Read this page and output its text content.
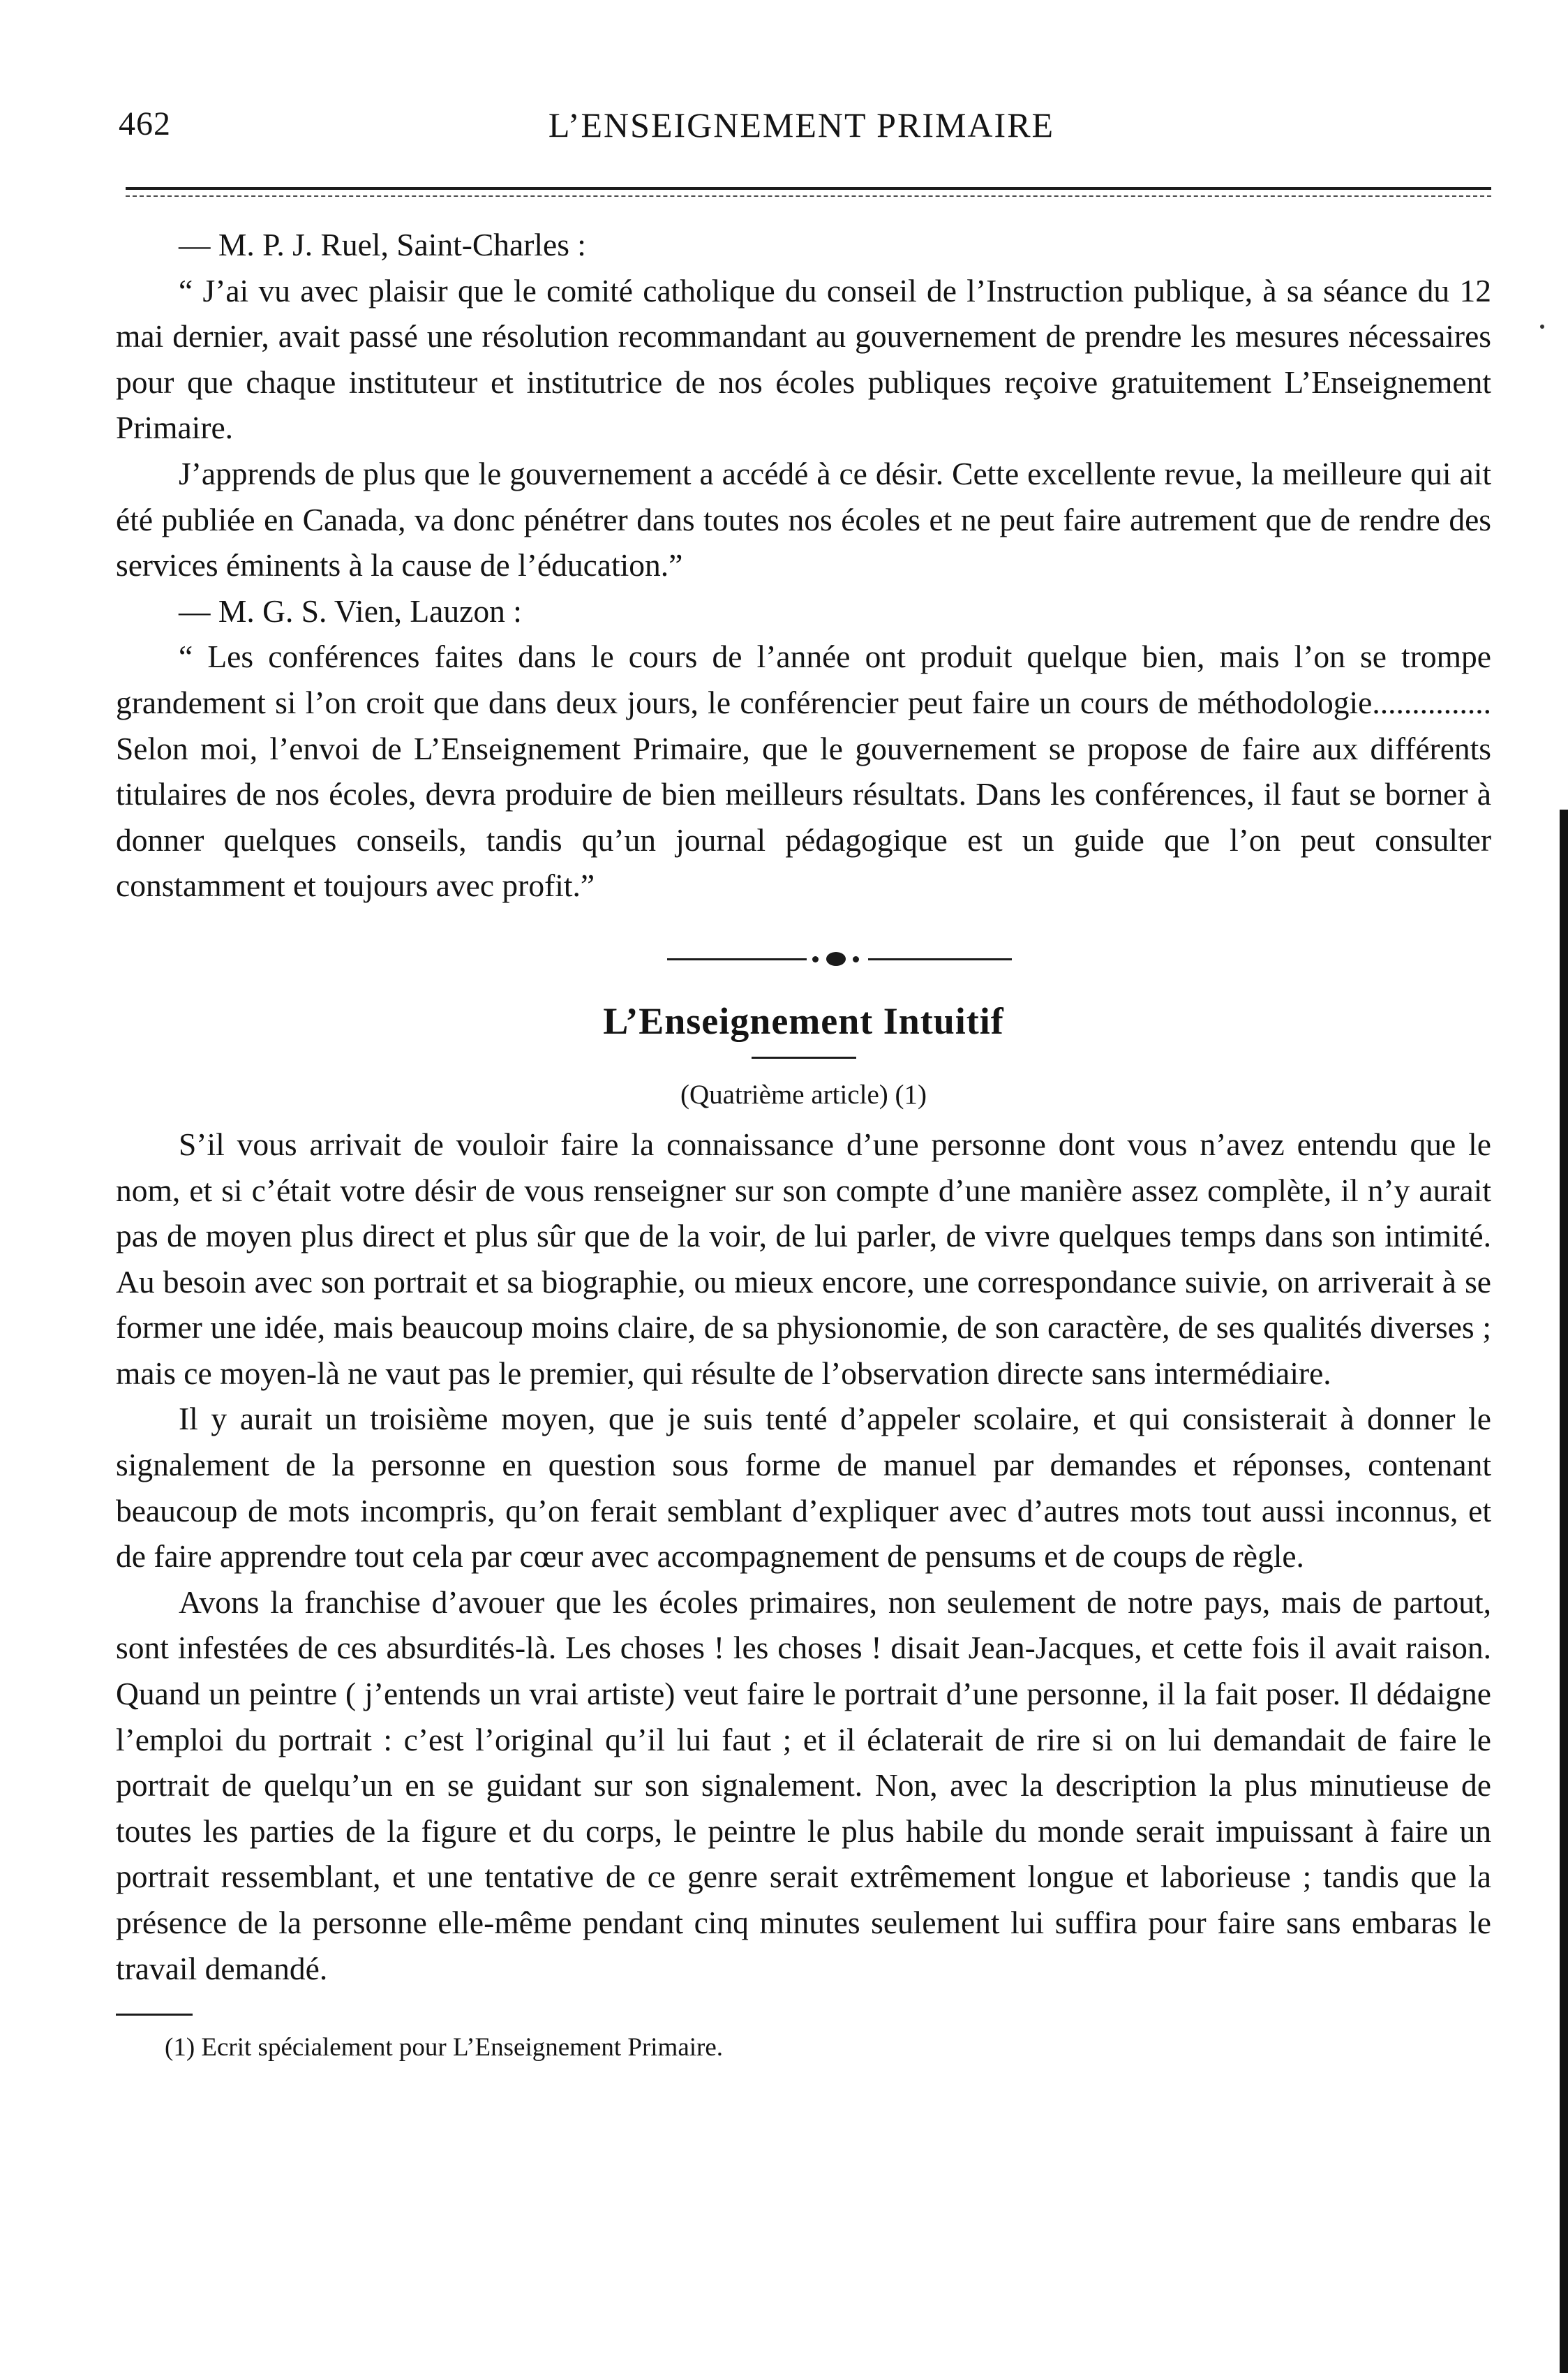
462	L’ENSEIGNEMENT PRIMAIRE

— M. P. J. Ruel, Saint-Charles :

“ J’ai vu avec plaisir que le comité catholique du conseil de l’Instruction publique, à sa séance du 12 mai dernier, avait passé une résolution recommandant au gouvernement de prendre les mesures nécessaires pour que chaque instituteur et institutrice de nos écoles publiques reçoive gratuitement L’Enseignement Primaire.

J’apprends de plus que le gouvernement a accédé à ce désir. Cette excellente revue, la meilleure qui ait été publiée en Canada, va donc pénétrer dans toutes nos écoles et ne peut faire autrement que de rendre des services éminents à la cause de l’éducation.”

— M. G. S. Vien, Lauzon :

“ Les conférences faites dans le cours de l’année ont produit quelque bien, mais l’on se trompe grandement si l’on croit que dans deux jours, le conférencier peut faire un cours de méthodologie............... Selon moi, l’envoi de L’Enseignement Primaire, que le gouvernement se propose de faire aux différents titulaires de nos écoles, devra produire de bien meilleurs résultats. Dans les conférences, il faut se borner à donner quelques conseils, tandis qu’un journal pédagogique est un guide que l’on peut consulter constamment et toujours avec profit.”

L’Enseignement Intuitif
(Quatrième article) (1)

S’il vous arrivait de vouloir faire la connaissance d’une personne dont vous n’avez entendu que le nom, et si c’était votre désir de vous renseigner sur son compte d’une manière assez complète, il n’y aurait pas de moyen plus direct et plus sûr que de la voir, de lui parler, de vivre quelques temps dans son intimité. Au besoin avec son portrait et sa biographie, ou mieux encore, une correspondance suivie, on arriverait à se former une idée, mais beaucoup moins claire, de sa physionomie, de son caractère, de ses qualités diverses ; mais ce moyen-là ne vaut pas le premier, qui résulte de l’observation directe sans intermédiaire.

Il y aurait un troisième moyen, que je suis tenté d’appeler scolaire, et qui consisterait à donner le signalement de la personne en question sous forme de manuel par demandes et réponses, contenant beaucoup de mots incompris, qu’on ferait semblant d’expliquer avec d’autres mots tout aussi inconnus, et de faire apprendre tout cela par cœur avec accompagnement de pensums et de coups de règle.

Avons la franchise d’avouer que les écoles primaires, non seulement de notre pays, mais de partout, sont infestées de ces absurdités-là. Les choses ! les choses ! disait Jean-Jacques, et cette fois il avait raison. Quand un peintre ( j’entends un vrai artiste) veut faire le portrait d’une personne, il la fait poser. Il dédaigne l’emploi du portrait : c’est l’original qu’il lui faut ; et il éclaterait de rire si on lui demandait de faire le portrait de quelqu’un en se guidant sur son signalement. Non, avec la description la plus minutieuse de toutes les parties de la figure et du corps, le peintre le plus habile du monde serait impuissant à faire un portrait ressemblant, et une tentative de ce genre serait extrêmement longue et laborieuse ; tandis que la présence de la personne elle-même pendant cinq minutes seulement lui suffira pour faire sans embaras le travail demandé.

(1) Ecrit spécialement pour L’Enseignement Primaire.
